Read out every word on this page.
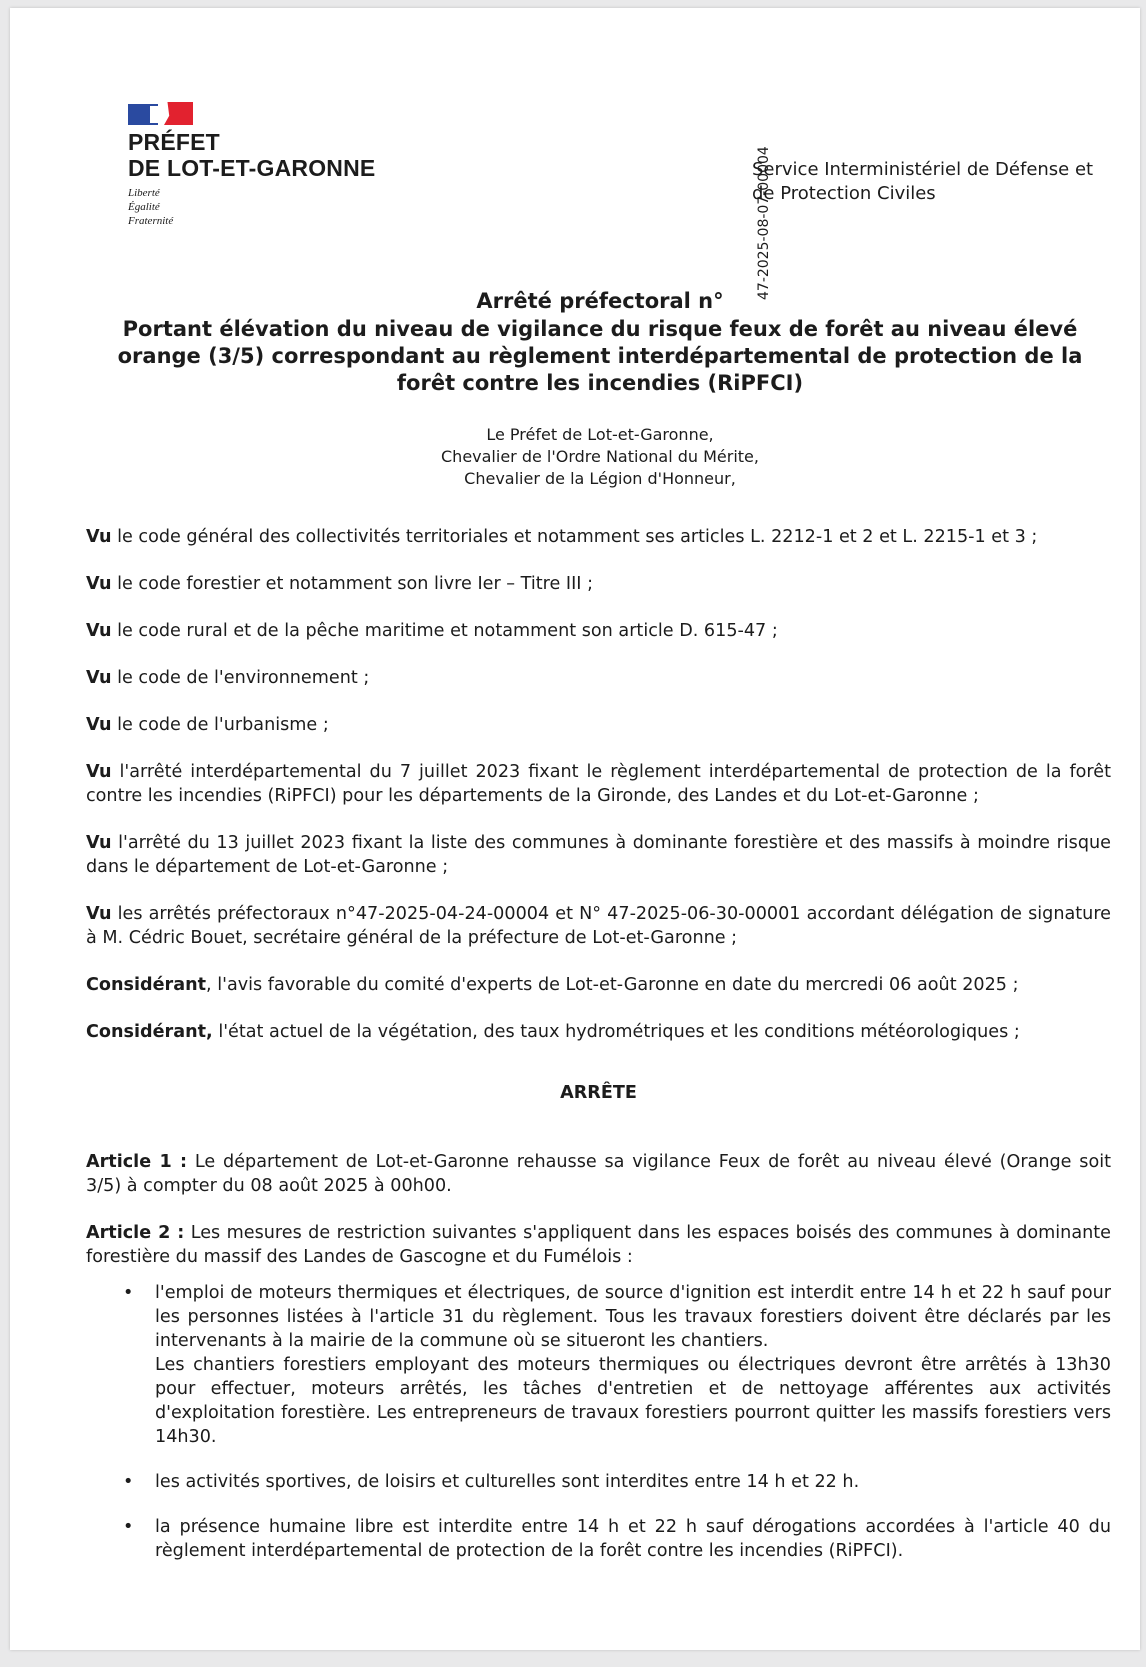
PRÉFET
DE LOT-ET-GARONNE
Liberté
Égalité
Fraternité
Service Interministériel de Défense et
de Protection Civiles
47-2025-08-07-00004
Arrêté préfectoral n°
Portant élévation du niveau de vigilance du risque feux de forêt au niveau élevé orange (3/5) correspondant au règlement interdépartemental de protection de la forêt contre les incendies (RiPFCI)
Le Préfet de Lot-et-Garonne,
Chevalier de l'Ordre National du Mérite,
Chevalier de la Légion d'Honneur,

Vu le code général des collectivités territoriales et notamment ses articles L. 2212-1 et 2 et L. 2215-1 et 3 ;

Vu le code forestier et notamment son livre Ier – Titre III ;

Vu le code rural et de la pêche maritime et notamment son article D. 615-47 ;

Vu le code de l'environnement ;

Vu le code de l'urbanisme ;

Vu l'arrêté interdépartemental du 7 juillet 2023 fixant le règlement interdépartemental de protection de la forêt contre les incendies (RiPFCI) pour les départements de la Gironde, des Landes et du Lot-et-Garonne ;

Vu l'arrêté du 13 juillet 2023 fixant la liste des communes à dominante forestière et des massifs à moindre risque dans le département de Lot-et-Garonne ;

Vu les arrêtés préfectoraux n°47-2025-04-24-00004 et N° 47-2025-06-30-00001 accordant délégation de signature à M. Cédric Bouet, secrétaire général de la préfecture de Lot-et-Garonne ;

Considérant, l'avis favorable du comité d'experts de Lot-et-Garonne en date du mercredi 06 août 2025 ;

Considérant, l'état actuel de la végétation, des taux hydrométriques et les conditions météorologiques ;

ARRÊTE

Article 1 : Le département de Lot-et-Garonne rehausse sa vigilance Feux de forêt au niveau élevé (Orange soit 3/5) à compter du 08 août 2025 à 00h00.

Article 2 : Les mesures de restriction suivantes s'appliquent dans les espaces boisés des communes à dominante forestière du massif des Landes de Gascogne et du Fumélois :

• l'emploi de moteurs thermiques et électriques, de source d'ignition est interdit entre 14 h et 22 h sauf pour les personnes listées à l'article 31 du règlement. Tous les travaux forestiers doivent être déclarés par les intervenants à la mairie de la commune où se situeront les chantiers.
Les chantiers forestiers employant des moteurs thermiques ou électriques devront être arrêtés à 13h30 pour effectuer, moteurs arrêtés, les tâches d'entretien et de nettoyage afférentes aux activités d'exploitation forestière. Les entrepreneurs de travaux forestiers pourront quitter les massifs forestiers vers 14h30.
• les activités sportives, de loisirs et culturelles sont interdites entre 14 h et 22 h.
• la présence humaine libre est interdite entre 14 h et 22 h sauf dérogations accordées à l'article 40 du règlement interdépartemental de protection de la forêt contre les incendies (RiPFCI).
